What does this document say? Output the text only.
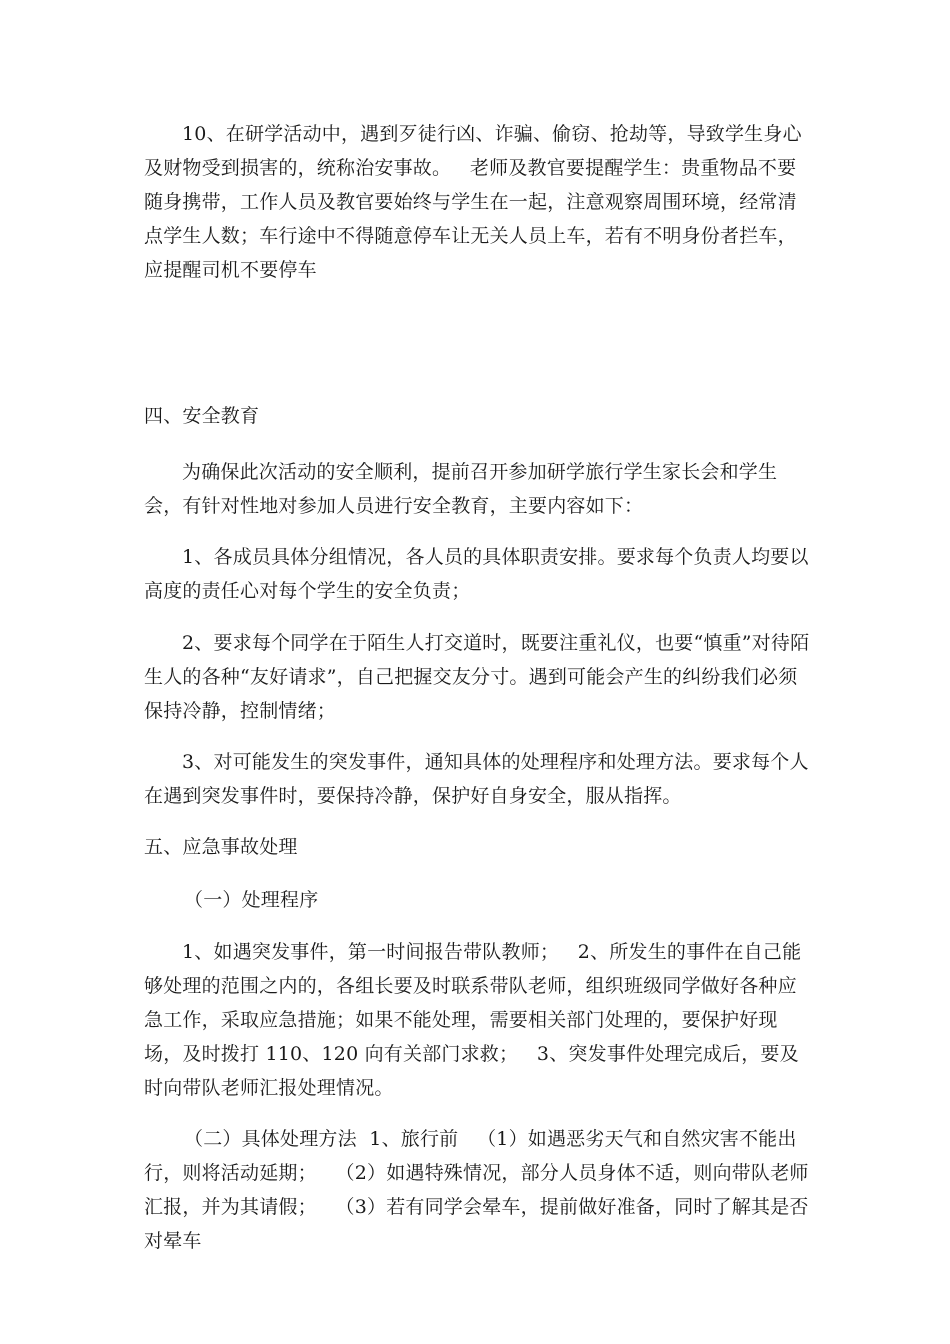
10、在研学活动中，遇到歹徒行凶、诈骗、偷窃、抢劫等，导致学生身心及财物受到损害的，统称治安事故。   老师及教官要提醒学生：贵重物品不要随身携带，工作人员及教官要始终与学生在一起，注意观察周围环境，经常清点学生人数；车行途中不得随意停车让无关人员上车，若有不明身份者拦车，应提醒司机不要停车

四、安全教育

为确保此次活动的安全顺利，提前召开参加研学旅行学生家长会和学生会，有针对性地对参加人员进行安全教育，主要内容如下：

1、各成员具体分组情况，各人员的具体职责安排。要求每个负责人均要以高度的责任心对每个学生的安全负责；

2、要求每个同学在于陌生人打交道时，既要注重礼仪，也要“慎重”对待陌生人的各种“友好请求”，自己把握交友分寸。遇到可能会产生的纠纷我们必须保持冷静，控制情绪；

3、对可能发生的突发事件，通知具体的处理程序和处理方法。要求每个人在遇到突发事件时，要保持冷静，保护好自身安全，服从指挥。

五、应急事故处理

（一）处理程序

1、如遇突发事件，第一时间报告带队教师；   2、所发生的事件在自己能够处理的范围之内的，各组长要及时联系带队老师，组织班级同学做好各种应急工作，采取应急措施；如果不能处理，需要相关部门处理的，要保护好现场，及时拨打 110、120 向有关部门求救；   3、突发事件处理完成后，要及时向带队老师汇报处理情况。

（二）具体处理方法  1、旅行前   （1）如遇恶劣天气和自然灾害不能出行，则将活动延期；   （2）如遇特殊情况，部分人员身体不适，则向带队老师汇报，并为其请假；   （3）若有同学会晕车，提前做好准备，同时了解其是否对晕车
